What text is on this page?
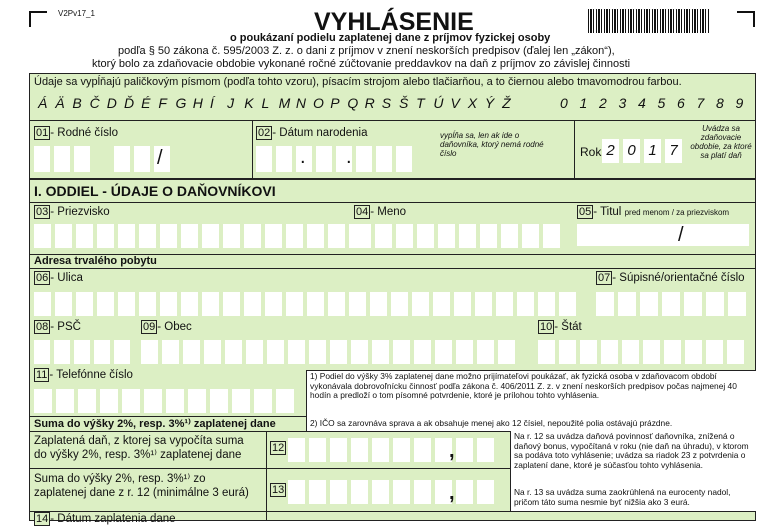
V2Pv17_1	VYHLÁSENIE
o poukázaní podielu zaplatenej dane z príjmov fyzickej osoby
podľa § 50 zákona č. 595/2003 Z. z. o dani z príjmov v znení neskorších predpisov (ďalej len „zákon“),
ktorý bolo za zdaňovacie obdobie vykonané ročné zúčtovanie preddavkov na daň z príjmov zo závislej činnosti
Údaje sa vypĺňajú paličkovým písmom (podľa tohto vzoru), písacím strojom alebo tlačiarňou, a to čiernou alebo tmavomodrou farbou.
Á Ä B Č D Ď É F G H Í J K L M N O P Q R S Š T Ú V X Ý Ž	0 1 2 3 4 5 6 7 8 9
01 - Rodné číslo
/
02 - Dátum narodenia
. .
vypĺňa sa, len ak ide o daňovníka, ktorý nemá rodné číslo	Rok 2 0 1 7
Uvádza sa zdaňovacie obdobie, za ktoré sa platí daň
I. ODDIEL - ÚDAJE O DAŇOVNÍKOVI
03 - Priezvisko	04 - Meno	05 - Titul pred menom / za priezviskom
/
Adresa trvalého pobytu
06 - Ulica	07 - Súpisné/orientačné číslo
08 - PSČ	09 - Obec	10 - Štát
11 - Telefónne číslo	1) Podiel do výšky 3% zaplatenej dane možno prijímateľovi poukázať, ak fyzická osoba v zdaňovacom období vykonávala dobrovoľnícku činnosť podľa zákona č. 406/2011 Z. z. v znení neskorších predpisov počas najmenej 40 hodín a predloží o tom písomné potvrdenie, ktoré je prílohou tohto vyhlásenia.
2) IČO sa zarovnáva sprava a ak obsahuje menej ako 12 čísiel, nepoužité polia ostávajú prázdne.
Suma do výšky 2%, resp. 3%¹⁾ zaplatenej dane
Zaplatená daň, z ktorej sa vypočíta suma
do výšky 2%, resp. 3%¹⁾ zaplatenej dane
12	,
Suma do výšky 2%, resp. 3%¹⁾ zo
zaplatenej dane z r. 12 (minimálne 3 eurá) 13	,
Na r. 12 sa uvádza daňová povinnosť daňovníka, znížená o daňový bonus, vypočítaná v roku (nie daň na úhradu), v ktorom sa podáva toto vyhlásenie; uvádza sa riadok 23 z potvrdenia o zaplatení dane, ktoré je súčasťou tohto vyhlásenia.
Na r. 13 sa uvádza suma zaokrúhlená na eurocenty nadol, pričom táto suma nesmie byť nižšia ako 3 eurá.
14 - Dátum zaplatenia dane
